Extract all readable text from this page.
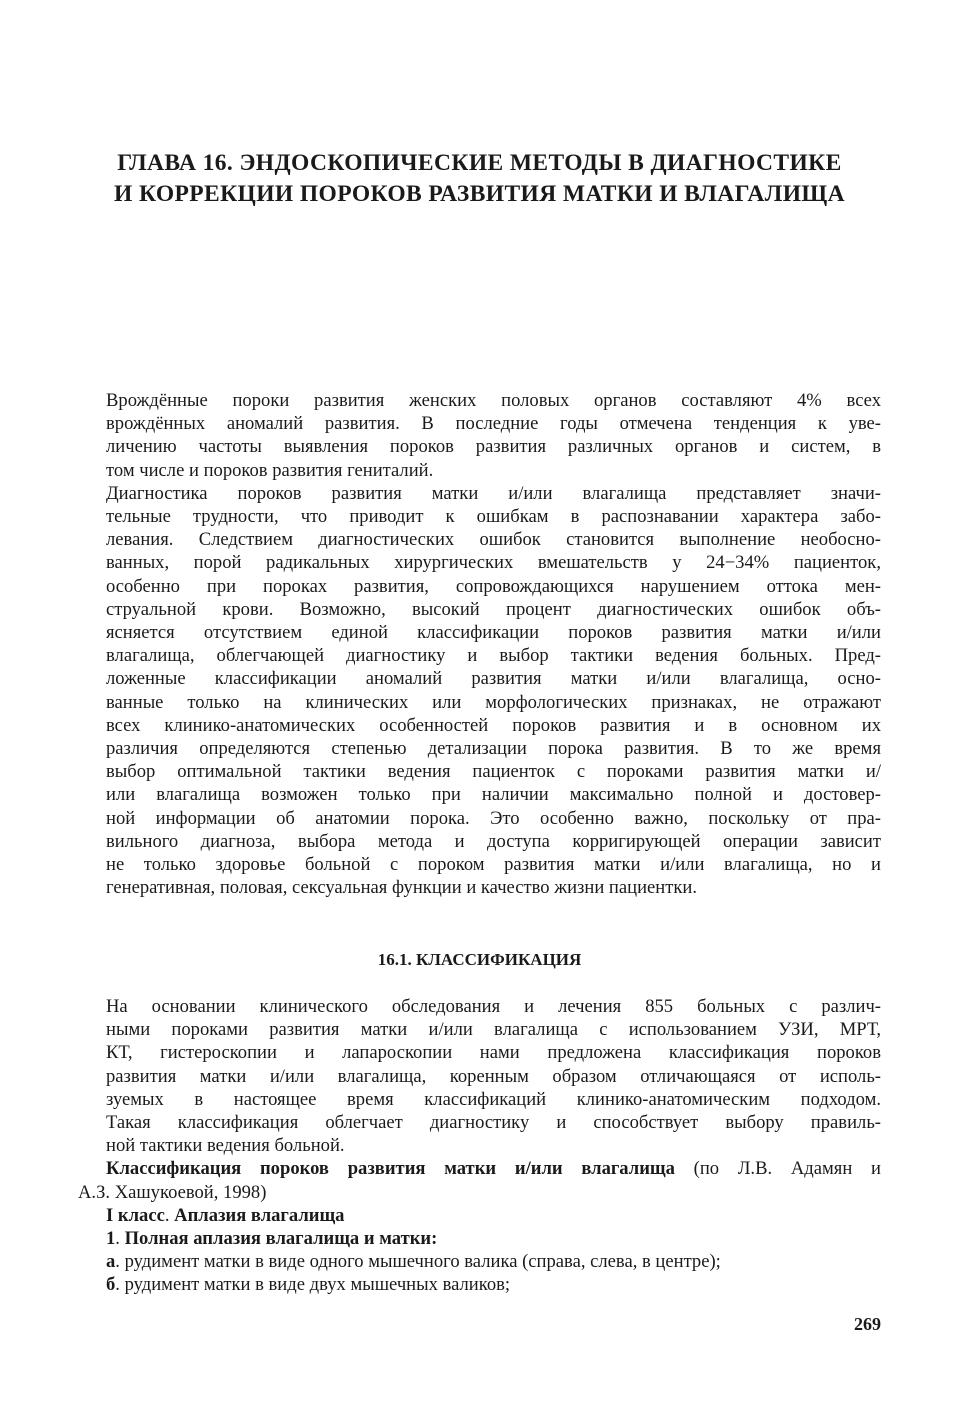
ГЛАВА 16. ЭНДОСКОПИЧЕСКИЕ МЕТОДЫ В ДИАГНОСТИКЕ
И КОРРЕКЦИИ ПОРОКОВ РАЗВИТИЯ МАТКИ И ВЛАГАЛИЩА

Врождённые пороки развития женских половых органов составляют 4% всех
врождённых аномалий развития. В последние годы отмечена тенденция к уве-
личению частоты выявления пороков развития различных органов и систем, в
том числе и пороков развития гениталий.

Диагностика пороков развития матки и/или влагалища представляет значи-
тельные трудности, что приводит к ошибкам в распознавании характера забо-
левания. Следствием диагностических ошибок становится выполнение необосно-
ванных, порой радикальных хирургических вмешательств у 24−34% пациенток,
особенно при пороках развития, сопровождающихся нарушением оттока мен-
струальной крови. Возможно, высокий процент диагностических ошибок объ-
ясняется отсутствием единой классификации пороков развития матки и/или
влагалища, облегчающей диагностику и выбор тактики ведения больных. Пред-
ложенные классификации аномалий развития матки и/или влагалища, осно-
ванные только на клинических или морфологических признаках, не отражают
всех клинико-анатомических особенностей пороков развития и в основном их
различия определяются степенью детализации порока развития. В то же время
выбор оптимальной тактики ведения пациенток с пороками развития матки и/
или влагалища возможен только при наличии максимально полной и достовер-
ной информации об анатомии порока. Это особенно важно, поскольку от пра-
вильного диагноза, выбора метода и доступа корригирующей операции зависит
не только здоровье больной с пороком развития матки и/или влагалища, но и
генеративная, половая, сексуальная функции и качество жизни пациентки.

16.1. КЛАССИФИКАЦИЯ

На основании клинического обследования и лечения 855 больных с различ-
ными пороками развития матки и/или влагалища с использованием УЗИ, МРТ,
КТ, гистероскопии и лапароскопии нами предложена классификация пороков
развития матки и/или влагалища, коренным образом отличающаяся от исполь-
зуемых в настоящее время классификаций клинико-анатомическим подходом.
Такая классификация облегчает диагностику и способствует выбору правиль-
ной тактики ведения больной.

Классификация пороков развития матки и/или влагалища (по Л.В. Адамян и
А.З. Хашукоевой, 1998)
I класс. Аплазия влагалища
1. Полная аплазия влагалища и матки:
а. рудимент матки в виде одного мышечного валика (справа, слева, в центре);
б. рудимент матки в виде двух мышечных валиков;
269
